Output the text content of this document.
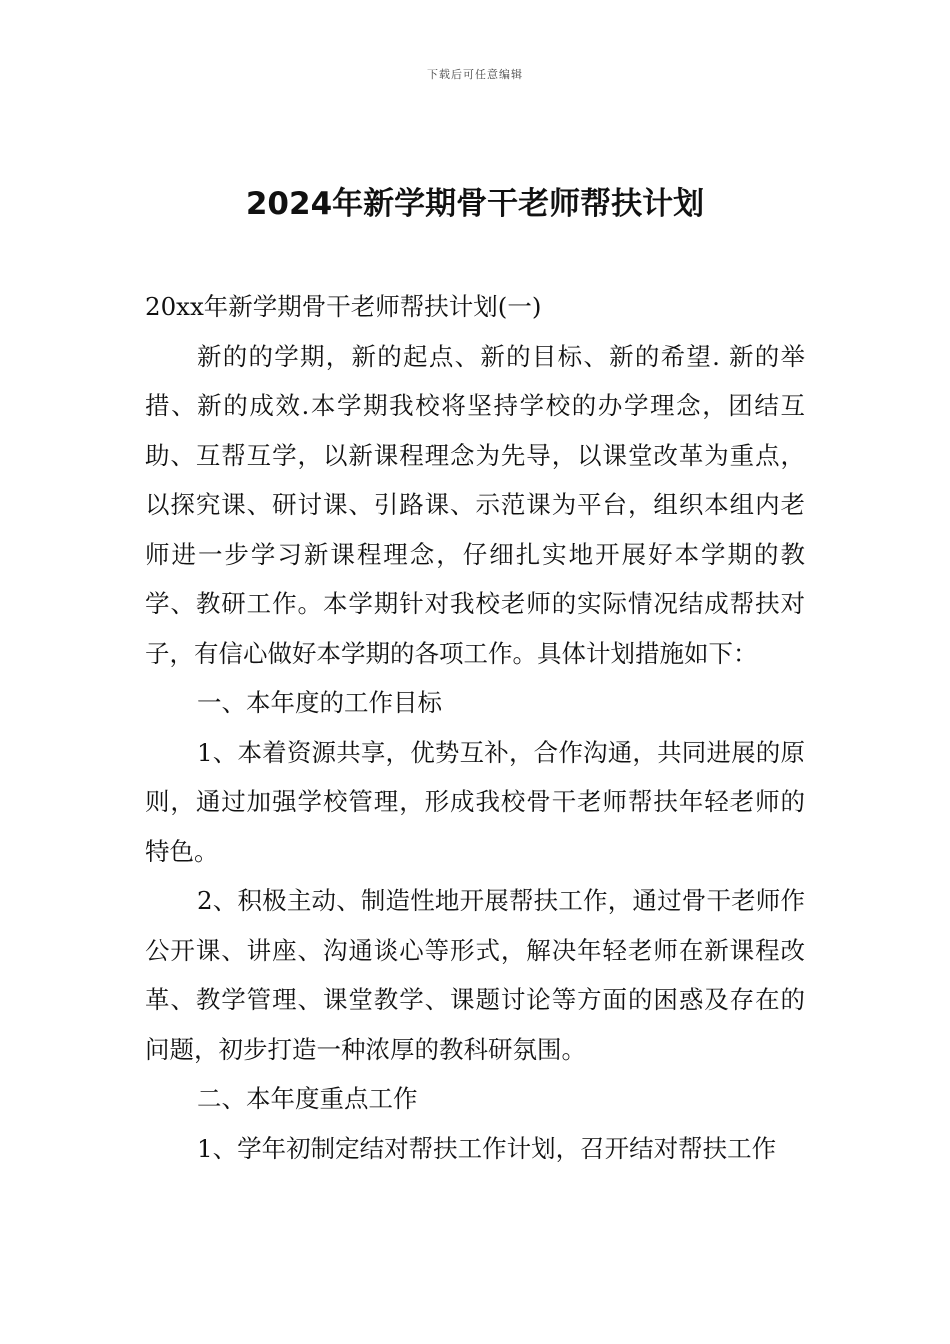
下载后可任意编辑
2024年新学期骨干老师帮扶计划

20xx年新学期骨干老师帮扶计划(一)

新的的学期，新的起点、新的目标、新的希望. 新的举措、新的成效.本学期我校将坚持学校的办学理念，团结互助、互帮互学，以新课程理念为先导，以课堂改革为重点，以探究课、研讨课、引路课、示范课为平台，组织本组内老师进一步学习新课程理念，仔细扎实地开展好本学期的教学、教研工作。本学期针对我校老师的实际情况结成帮扶对子，有信心做好本学期的各项工作。具体计划措施如下：

一、本年度的工作目标

1、本着资源共享，优势互补，合作沟通，共同进展的原则，通过加强学校管理，形成我校骨干老师帮扶年轻老师的特色。

2、积极主动、制造性地开展帮扶工作，通过骨干老师作公开课、讲座、沟通谈心等形式，解决年轻老师在新课程改革、教学管理、课堂教学、课题讨论等方面的困惑及存在的问题，初步打造一种浓厚的教科研氛围。

二、本年度重点工作

1、学年初制定结对帮扶工作计划，召开结对帮扶工作
